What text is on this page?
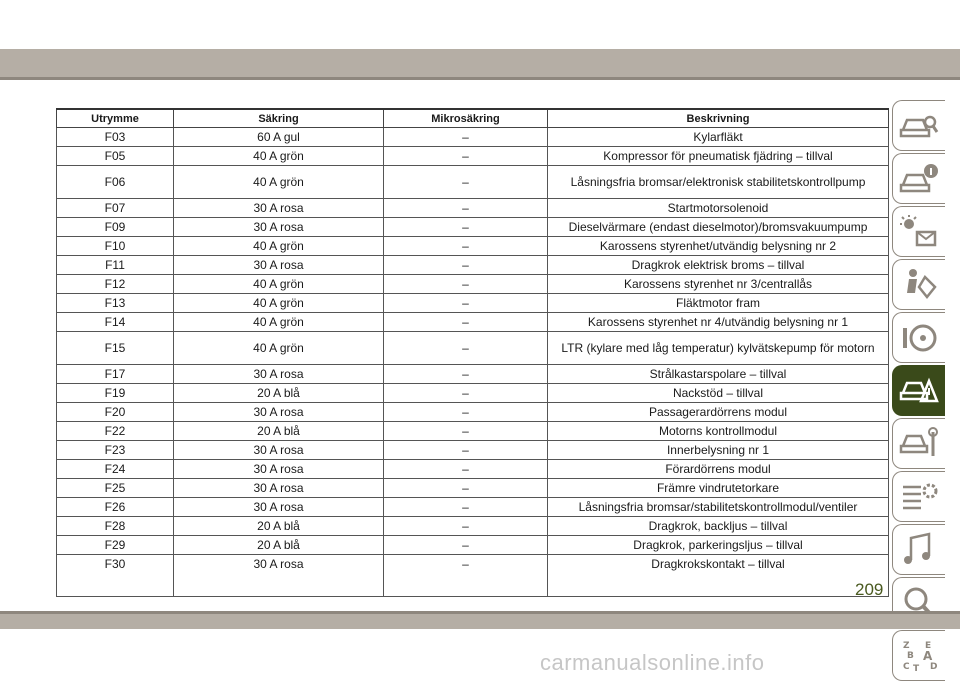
Utrymme	Säkring	Mikrosäkring	Beskrivning
F03	60 A gul	–	Kylarfläkt
F05	40 A grön	–	Kompressor för pneumatisk fjädring – tillval
F06	40 A grön	–	Låsningsfria bromsar/elektronisk stabilitetskontrollpump
F07	30 A rosa	–	Startmotorsolenoid
F09	30 A rosa	–	Dieselvärmare (endast dieselmotor)/bromsvakuumpump
F10	40 A grön	–	Karossens styrenhet/utvändig belysning nr 2
F11	30 A rosa	–	Dragkrok elektrisk broms – tillval
F12	40 A grön	–	Karossens styrenhet nr 3/centrallås
F13	40 A grön	–	Fläktmotor fram
F14	40 A grön	–	Karossens styrenhet nr 4/utvändig belysning nr 1
F15	40 A grön	–	LTR (kylare med låg temperatur) kylvätskepump för motorn
F17	30 A rosa	–	Strålkastarspolare – tillval
F19	20 A blå	–	Nackstöd – tillval
F20	30 A rosa	–	Passagerardörrens modul
F22	20 A blå	–	Motorns kontrollmodul
F23	30 A rosa	–	Innerbelysning nr 1
F24	30 A rosa	–	Förardörrens modul
F25	30 A rosa	–	Främre vindrutetorkare
F26	30 A rosa	–	Låsningsfria bromsar/stabilitetskontrollmodul/ventiler
F28	20 A blå	–	Dragkrok, backljus – tillval
F29	20 A blå	–	Dragkrok, parkeringsljus – tillval
F30	30 A rosa	–	Dragkrokskontakt – tillval
Z E
B A
C T D
209
carmanualsonline.info
